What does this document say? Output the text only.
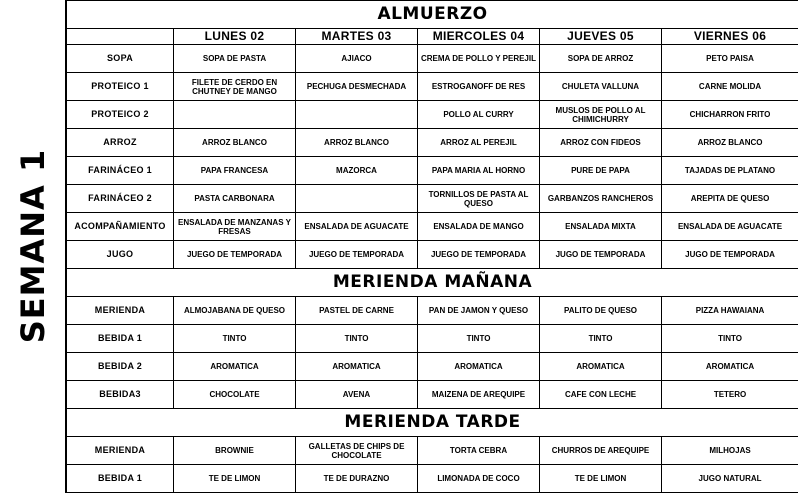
SEMANA 1
ALMUERZO					
	LUNES 02	MARTES 03	MIERCOLES 04	JUEVES 05	VIERNES 06
SOPA	SOPA DE PASTA	AJIACO	CREMA DE POLLO Y PEREJIL	SOPA DE ARROZ	PETO PAISA
PROTEICO 1	FILETE DE CERDO EN CHUTNEY DE MANGO	PECHUGA DESMECHADA	ESTROGANOFF DE RES	CHULETA VALLUNA	CARNE MOLIDA
PROTEICO 2			POLLO AL CURRY	MUSLOS DE POLLO AL CHIMICHURRY	CHICHARRON FRITO
ARROZ	ARROZ BLANCO	ARROZ BLANCO	ARROZ AL PEREJIL	ARROZ CON FIDEOS	ARROZ BLANCO
FARINÁCEO 1	PAPA FRANCESA	MAZORCA	PAPA MARIA AL HORNO	PURE DE PAPA	TAJADAS DE PLATANO
FARINÁCEO 2	PASTA CARBONARA		TORNILLOS DE PASTA AL QUESO	GARBANZOS RANCHEROS	AREPITA DE QUESO
ACOMPAÑAMIENTO	ENSALADA DE MANZANAS Y FRESAS	ENSALADA DE AGUACATE	ENSALADA DE MANGO	ENSALADA MIXTA	ENSALADA DE AGUACATE
JUGO	JUEGO DE TEMPORADA	JUEGO DE TEMPORADA	JUEGO DE TEMPORADA	JUGO DE TEMPORADA	JUGO DE TEMPORADA
MERIENDA MAÑANA					
MERIENDA	ALMOJABANA DE QUESO	PASTEL DE CARNE	PAN DE JAMON Y QUESO	PALITO DE QUESO	PIZZA HAWAIANA
BEBIDA 1	TINTO	TINTO	TINTO	TINTO	TINTO
BEBIDA 2	AROMATICA	AROMATICA	AROMATICA	AROMATICA	AROMATICA
BEBIDA3	CHOCOLATE	AVENA	MAIZENA DE AREQUIPE	CAFE CON LECHE	TETERO
MERIENDA TARDE					
MERIENDA	BROWNIE	GALLETAS DE CHIPS DE CHOCOLATE	TORTA CEBRA	CHURROS DE AREQUIPE	MILHOJAS
BEBIDA 1	TE DE LIMON	TE DE DURAZNO	LIMONADA DE COCO	TE DE LIMON	JUGO NATURAL
